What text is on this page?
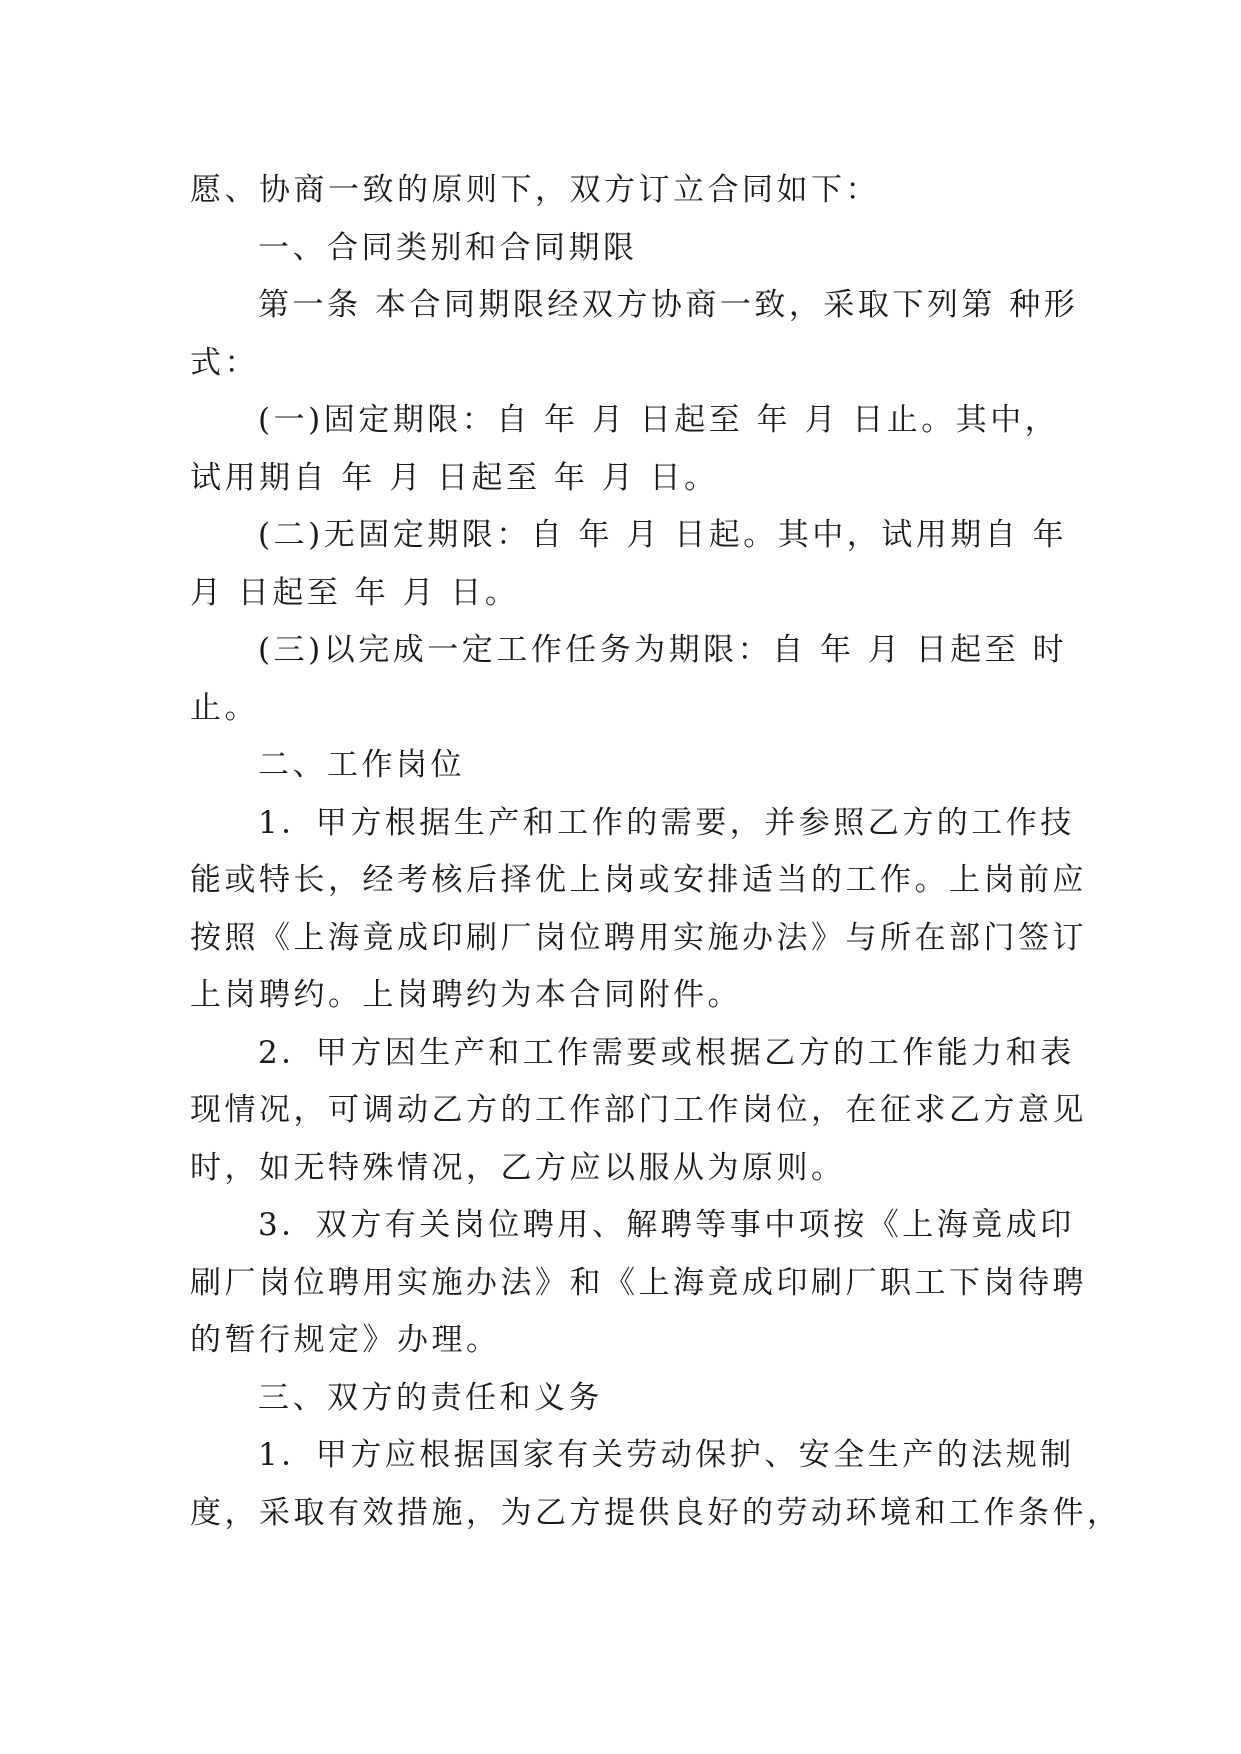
愿、协商一致的原则下，双方订立合同如下：
一、合同类别和合同期限
第一条 本合同期限经双方协商一致，采取下列第 种形
式：
(一)固定期限：自 年 月 日起至 年 月 日止。其中，
试用期自 年 月 日起至 年 月 日。
(二)无固定期限：自 年 月 日起。其中，试用期自 年
月 日起至 年 月 日。
(三)以完成一定工作任务为期限：自 年 月 日起至 时
止。
二、工作岗位
1．甲方根据生产和工作的需要，并参照乙方的工作技
能或特长，经考核后择优上岗或安排适当的工作。上岗前应
按照《上海竟成印刷厂岗位聘用实施办法》与所在部门签订
上岗聘约。上岗聘约为本合同附件。
2．甲方因生产和工作需要或根据乙方的工作能力和表
现情况，可调动乙方的工作部门工作岗位，在征求乙方意见
时，如无特殊情况，乙方应以服从为原则。
3．双方有关岗位聘用、解聘等事中项按《上海竟成印
刷厂岗位聘用实施办法》和《上海竟成印刷厂职工下岗待聘
的暂行规定》办理。
三、双方的责任和义务
1．甲方应根据国家有关劳动保护、安全生产的法规制
度，采取有效措施，为乙方提供良好的劳动环境和工作条件，
